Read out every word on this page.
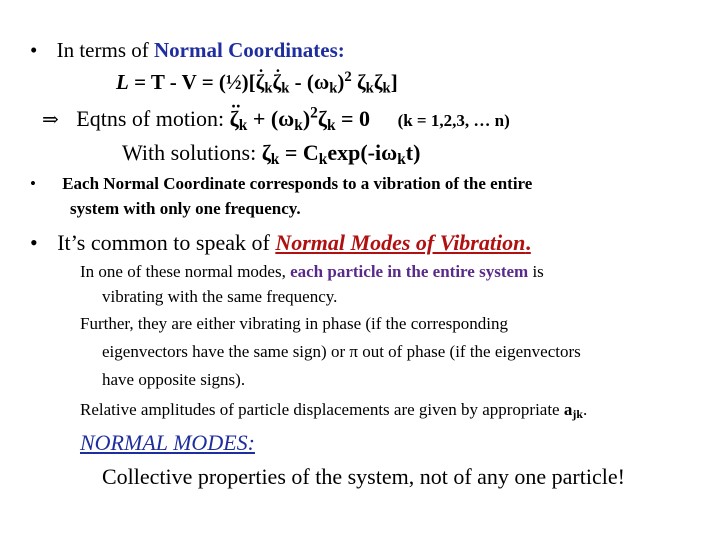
• In terms of Normal Coordinates:
L = T - V = (½)[· $\zeta_k\cdot \zeta_k - (\omega_k)^2$ $\zeta_k\zeta_k$]
⇒ Eqtns of motion: ·· $\zeta_k + (\omega_k)^2\zeta_k = 0$ (k = 1,2,3, … n)
With solutions: $\zeta_k = C_k\exp(-i\omega_kt)$
• Each Normal Coordinate corresponds to a vibration of the entire
system with only one frequency.
• It’s common to speak of Normal Modes of Vibration.
In one of these normal modes, each particle in the entire system is
vibrating with the same frequency.
Further, they are either vibrating in phase (if the corresponding
eigenvectors have the same sign) or π out of phase (if the eigenvectors
have opposite signs).
Relative amplitudes of particle displacements are given by appropriate $a_{jk}$.
NORMAL MODES:
Collective properties of the system, not of any one particle!
